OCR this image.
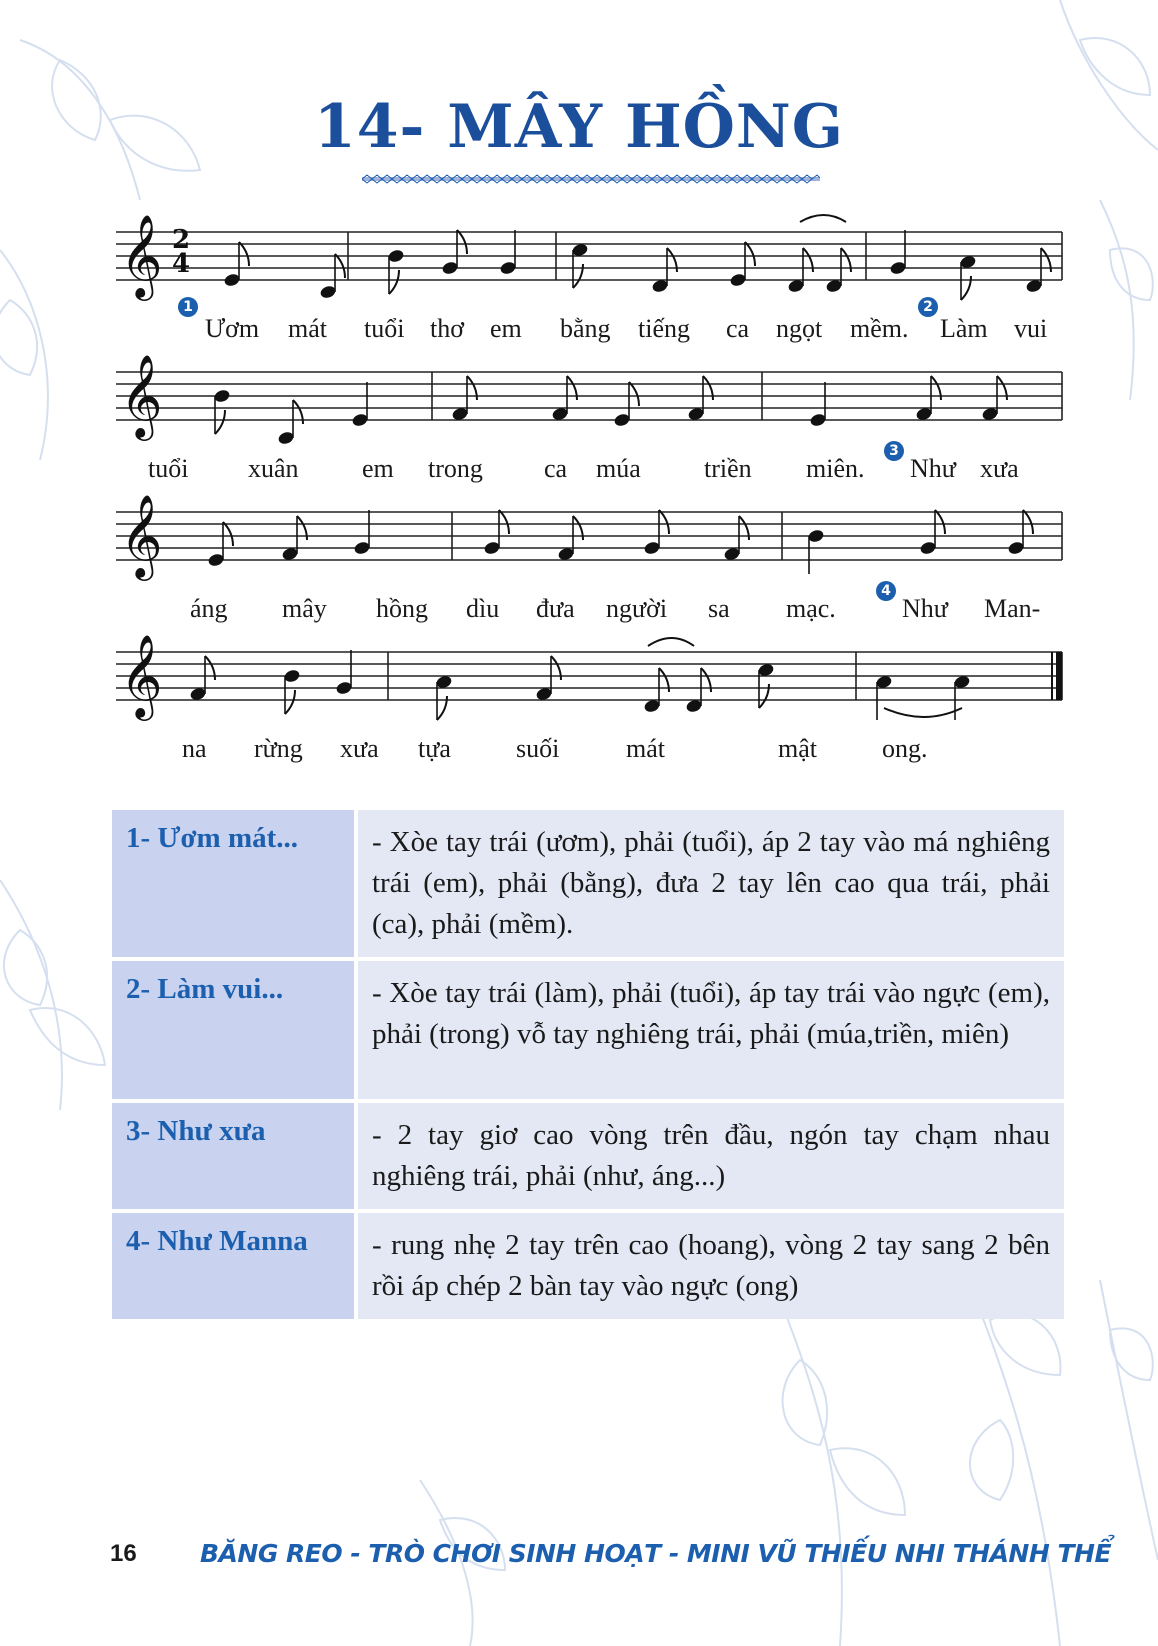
14- MÂY HỒNG
𝄞
𝄞
𝄞
𝄞
2
4
1
Ươm mát tuổi thơ em bằng tiếng ca ngọt mềm.
2
Làm vui
tuổi xuân em trong ca múa triền miên.
3
Như xưa
áng mây hồng dìu đưa người sa mạc.
4
Như Man-
na rừng xưa tựa	suối	mát	mật	ong.
1- Ươm mát...	- Xòe tay trái (ươm), phải (tuổi), áp 2 tay vào má nghiêng trái (em), phải (bằng), đưa 2 tay lên cao qua trái, phải (ca), phải (mềm).

2- Làm vui...	- Xòe tay trái (làm), phải (tuổi), áp tay trái vào ngực (em), phải (trong) vỗ tay nghiêng trái, phải (múa,triền, miên)

3- Như xưa	- 2 tay giơ cao vòng trên đầu, ngón tay chạm nhau nghiêng trái, phải (như, áng...)

4- Như Manna	- rung nhẹ 2 tay trên cao (hoang), vòng 2 tay sang 2 bên rồi áp chép 2 bàn tay vào ngực (ong)

16	BĂNG REO - TRÒ CHƠI SINH HOẠT - MINI VŨ THIẾU NHI THÁNH THỂ
